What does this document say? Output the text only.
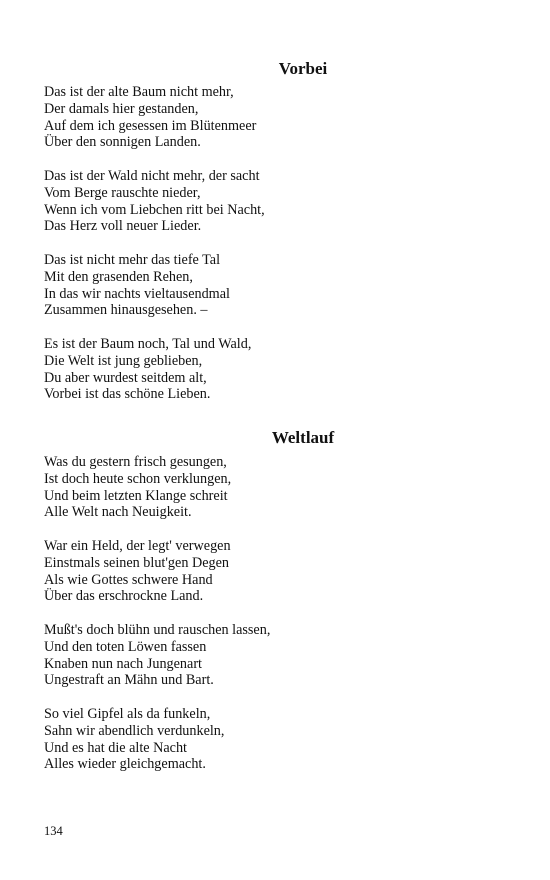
Vorbei
Das ist der alte Baum nicht mehr,
Der damals hier gestanden,
Auf dem ich gesessen im Blütenmeer
Über den sonnigen Landen.
Das ist der Wald nicht mehr, der sacht
Vom Berge rauschte nieder,
Wenn ich vom Liebchen ritt bei Nacht,
Das Herz voll neuer Lieder.
Das ist nicht mehr das tiefe Tal
Mit den grasenden Rehen,
In das wir nachts vieltausendmal
Zusammen hinausgesehen. –
Es ist der Baum noch, Tal und Wald,
Die Welt ist jung geblieben,
Du aber wurdest seitdem alt,
Vorbei ist das schöne Lieben.
Weltlauf
Was du gestern frisch gesungen,
Ist doch heute schon verklungen,
Und beim letzten Klange schreit
Alle Welt nach Neuigkeit.
War ein Held, der legt' verwegen
Einstmals seinen blut'gen Degen
Als wie Gottes schwere Hand
Über das erschrockne Land.
Mußt's doch blühn und rauschen lassen,
Und den toten Löwen fassen
Knaben nun nach Jungenart
Ungestraft an Mähn und Bart.
So viel Gipfel als da funkeln,
Sahn wir abendlich verdunkeln,
Und es hat die alte Nacht
Alles wieder gleichgemacht.
134
